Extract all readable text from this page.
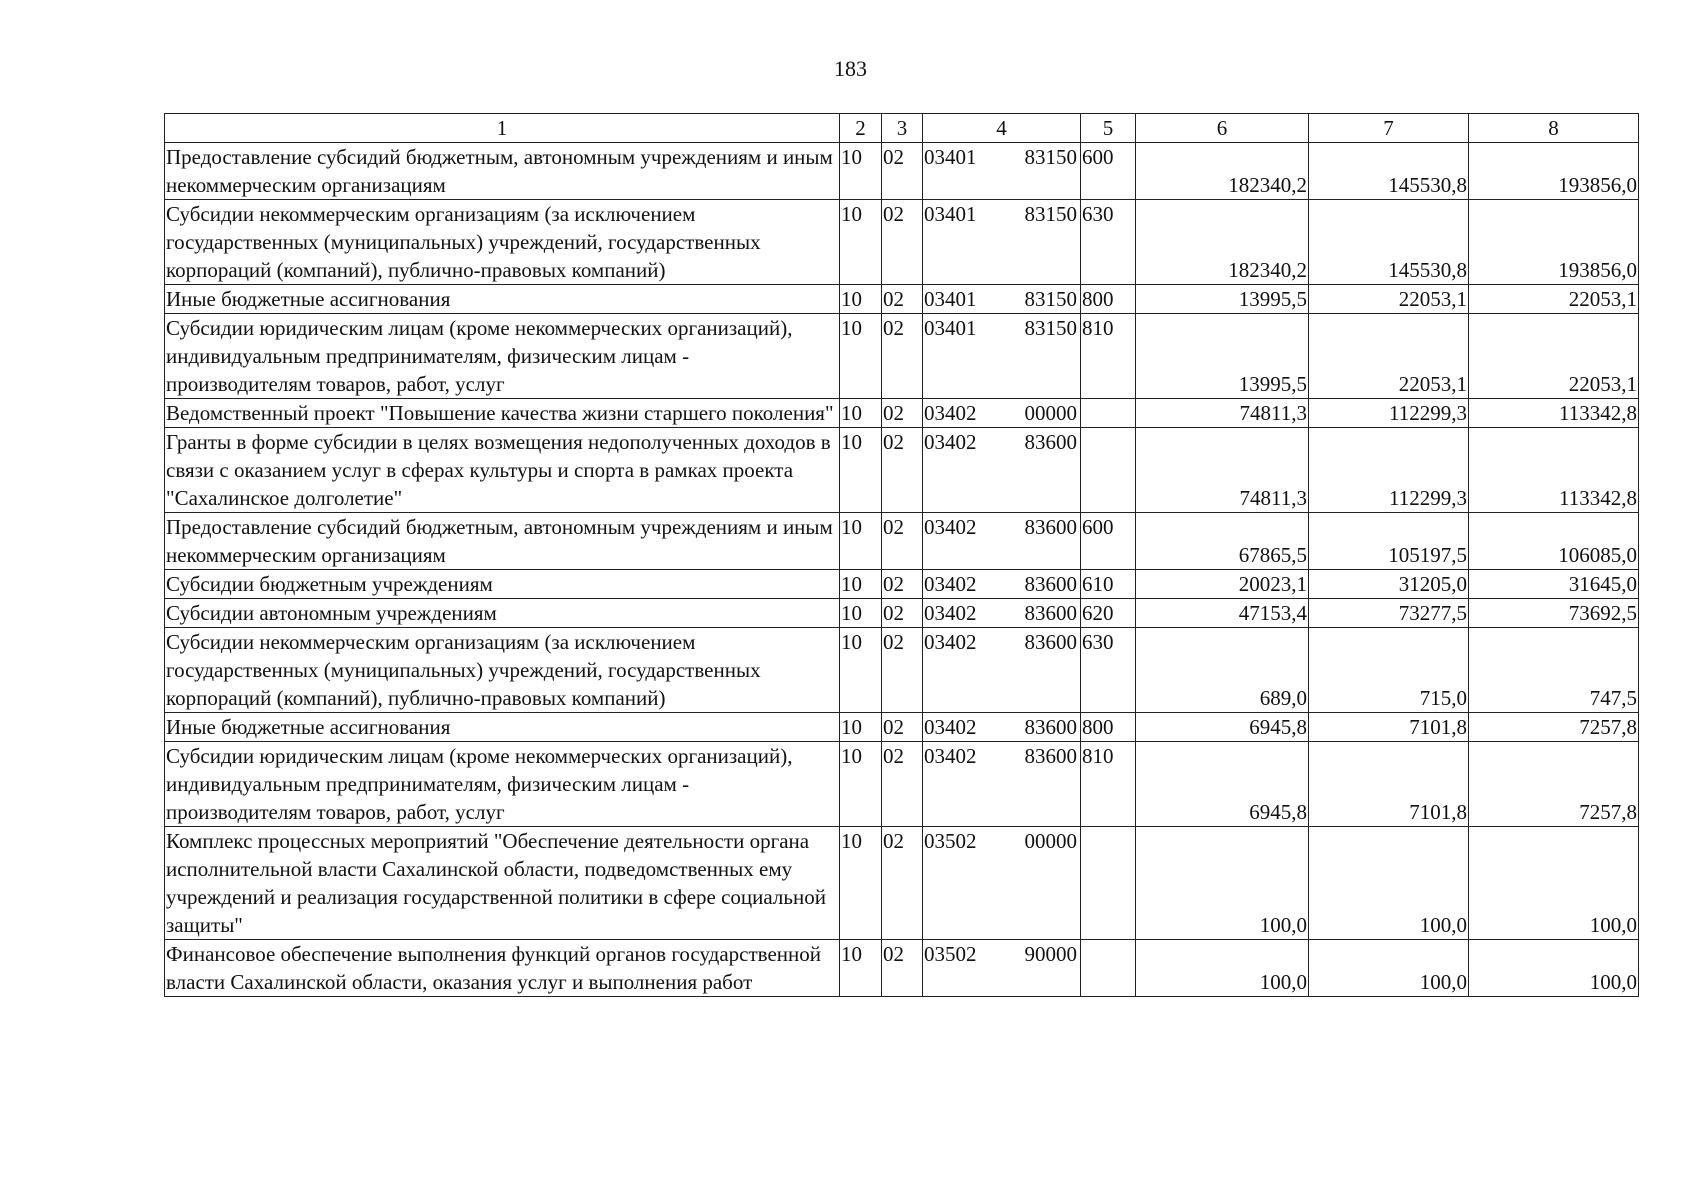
183
1	2	3	4	5	6	7	8
Предоставление субсидий бюджетным, автономным учреждениям и иным некоммерческим организациям	10	02	03401 83150	600	182340,2	145530,8	193856,0
Субсидии некоммерческим организациям (за исключением государственных (муниципальных) учреждений, государственных корпораций (компаний), публично-правовых компаний)	10	02	03401 83150	630	182340,2	145530,8	193856,0
Иные бюджетные ассигнования	10	02	03401 83150	800	13995,5	22053,1	22053,1
Субсидии юридическим лицам (кроме некоммерческих организаций), индивидуальным предпринимателям, физическим лицам - производителям товаров, работ, услуг	10	02	03401 83150	810	13995,5	22053,1	22053,1
Ведомственный проект "Повышение качества жизни старшего поколения"	10	02	03402 00000		74811,3	112299,3	113342,8
Гранты в форме субсидии в целях возмещения недополученных доходов в связи с оказанием услуг в сферах культуры и спорта в рамках проекта "Сахалинское долголетие"	10	02	03402 83600		74811,3	112299,3	113342,8
Предоставление субсидий бюджетным, автономным учреждениям и иным некоммерческим организациям	10	02	03402 83600	600	67865,5	105197,5	106085,0
Субсидии бюджетным учреждениям	10	02	03402 83600	610	20023,1	31205,0	31645,0
Субсидии автономным учреждениям	10	02	03402 83600	620	47153,4	73277,5	73692,5
Субсидии некоммерческим организациям (за исключением государственных (муниципальных) учреждений, государственных корпораций (компаний), публично-правовых компаний)	10	02	03402 83600	630	689,0	715,0	747,5
Иные бюджетные ассигнования	10	02	03402 83600	800	6945,8	7101,8	7257,8
Субсидии юридическим лицам (кроме некоммерческих организаций), индивидуальным предпринимателям, физическим лицам - производителям товаров, работ, услуг	10	02	03402 83600	810	6945,8	7101,8	7257,8
Комплекс процессных мероприятий "Обеспечение деятельности органа исполнительной власти Сахалинской области, подведомственных ему учреждений и реализация государственной политики в сфере социальной защиты"	10	02	03502 00000		100,0	100,0	100,0
Финансовое обеспечение выполнения функций органов государственной власти Сахалинской области, оказания услуг и выполнения работ	10	02	03502 90000		100,0	100,0	100,0
